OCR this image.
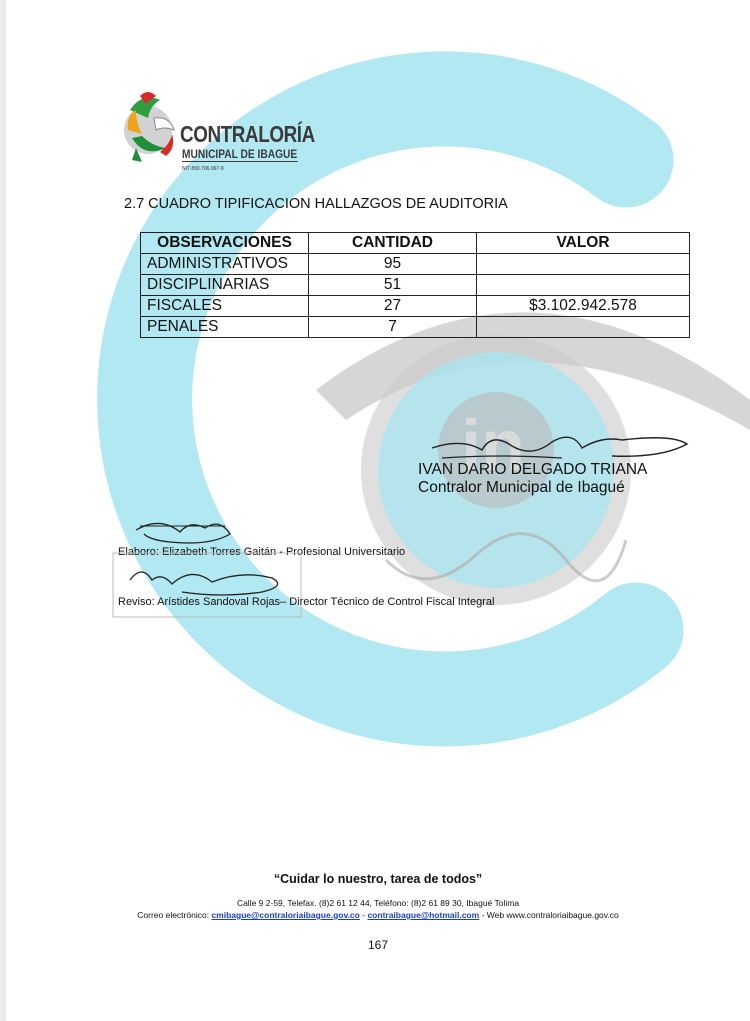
in
CONTRALORÍA
MUNICIPAL DE IBAGUE
NIT 890.706.067-9
2.7 CUADRO TIPIFICACION HALLAZGOS DE AUDITORIA
OBSERVACIONES	CANTIDAD	VALOR
ADMINISTRATIVOS	95	
DISCIPLINARIAS	51	
FISCALES	27	$3.102.942.578
PENALES	7	
IVAN DARIO DELGADO TRIANA
Contralor Municipal de Ibagué
Elaboro: Elizabeth Torres Gaitán - Profesional Universitario
Reviso: Arístides Sandoval Rojas– Director Técnico de Control Fiscal Integral
“Cuidar lo nuestro, tarea de todos”
Calle 9 2-59, Telefax. (8)2 61 12 44, Teléfono: (8)2 61 89 30, Ibagué Tolima
Correo electrónico: cmibague@contraloriaibague.gov.co - contraibague@hotmail.com - Web www.contraloriaibague.gov.co
167
